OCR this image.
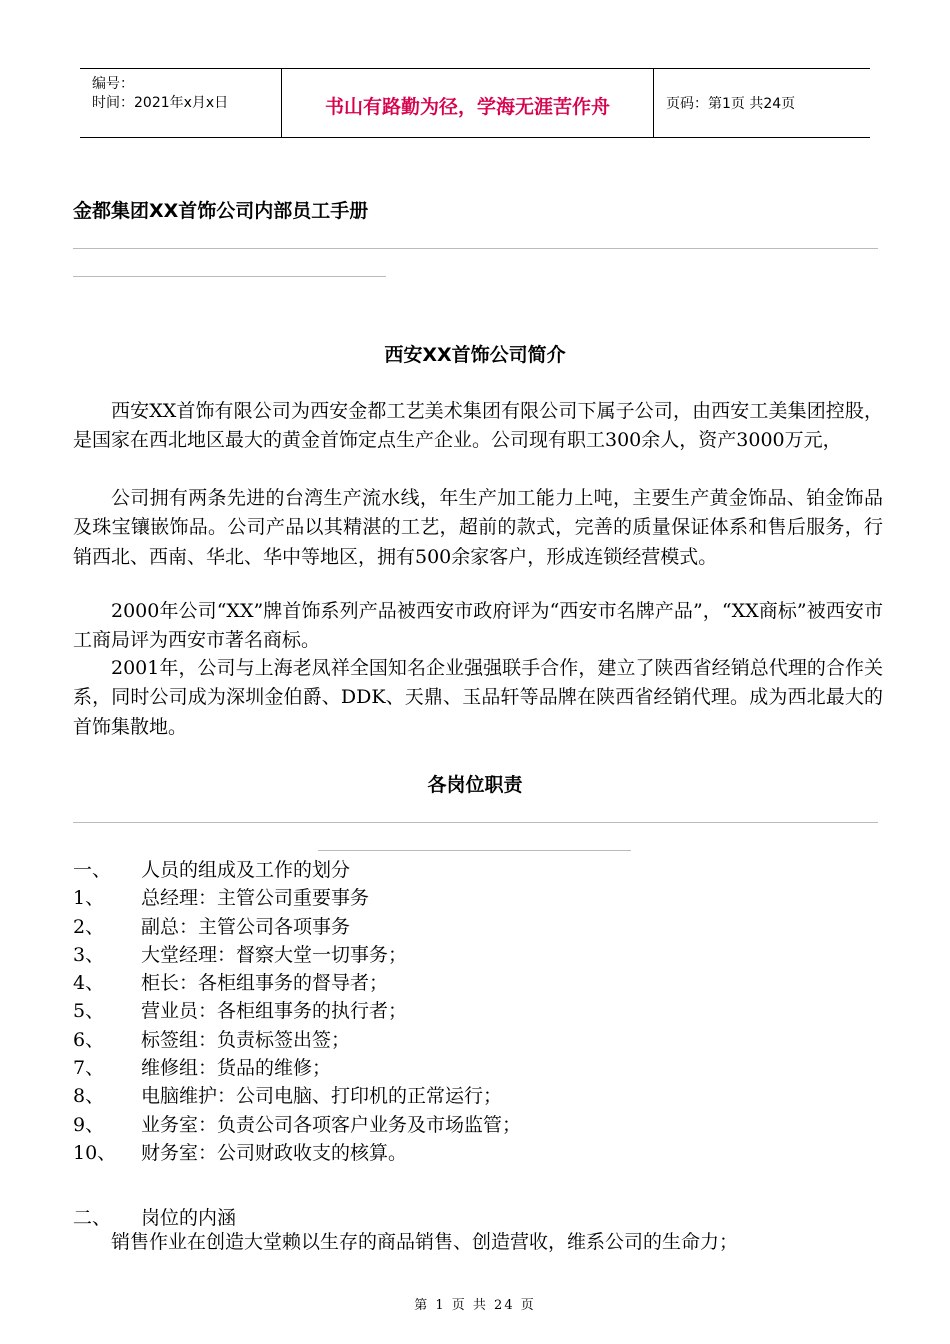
编号：
时间：2021年x月x日	书山有路勤为径，学海无涯苦作舟	页码：第1页 共24页
金都集团XX首饰公司内部员工手册
西安XX首饰公司简介
西安XX首饰有限公司为西安金都工艺美术集团有限公司下属子公司，由西安工美集团控股，是国家在西北地区最大的黄金首饰定点生产企业。公司现有职工300余人，资产3000万元，
公司拥有两条先进的台湾生产流水线，年生产加工能力上吨，主要生产黄金饰品、铂金饰品及珠宝镶嵌饰品。公司产品以其精湛的工艺，超前的款式，完善的质量保证体系和售后服务，行销西北、西南、华北、华中等地区，拥有500余家客户，形成连锁经营模式。
2000年公司“XX”牌首饰系列产品被西安市政府评为“西安市名牌产品”，“XX商标”被西安市工商局评为西安市著名商标。
2001年，公司与上海老凤祥全国知名企业强强联手合作，建立了陕西省经销总代理的合作关系，同时公司成为深圳金伯爵、DDK、天鼎、玉品轩等品牌在陕西省经销代理。成为西北最大的首饰集散地。
各岗位职责
一、 人员的组成及工作的划分
1、 总经理：主管公司重要事务
2、 副总：主管公司各项事务
3、 大堂经理：督察大堂一切事务；
4、 柜长：各柜组事务的督导者；
5、 营业员：各柜组事务的执行者；
6、 标签组：负责标签出签；
7、 维修组：货品的维修；
8、 电脑维护：公司电脑、打印机的正常运行；
9、 业务室：负责公司各项客户业务及市场监管；
10、 财务室：公司财政收支的核算。
二、 岗位的内涵
销售作业在创造大堂赖以生存的商品销售、创造营收，维系公司的生命力；
第 1 页 共 24 页
